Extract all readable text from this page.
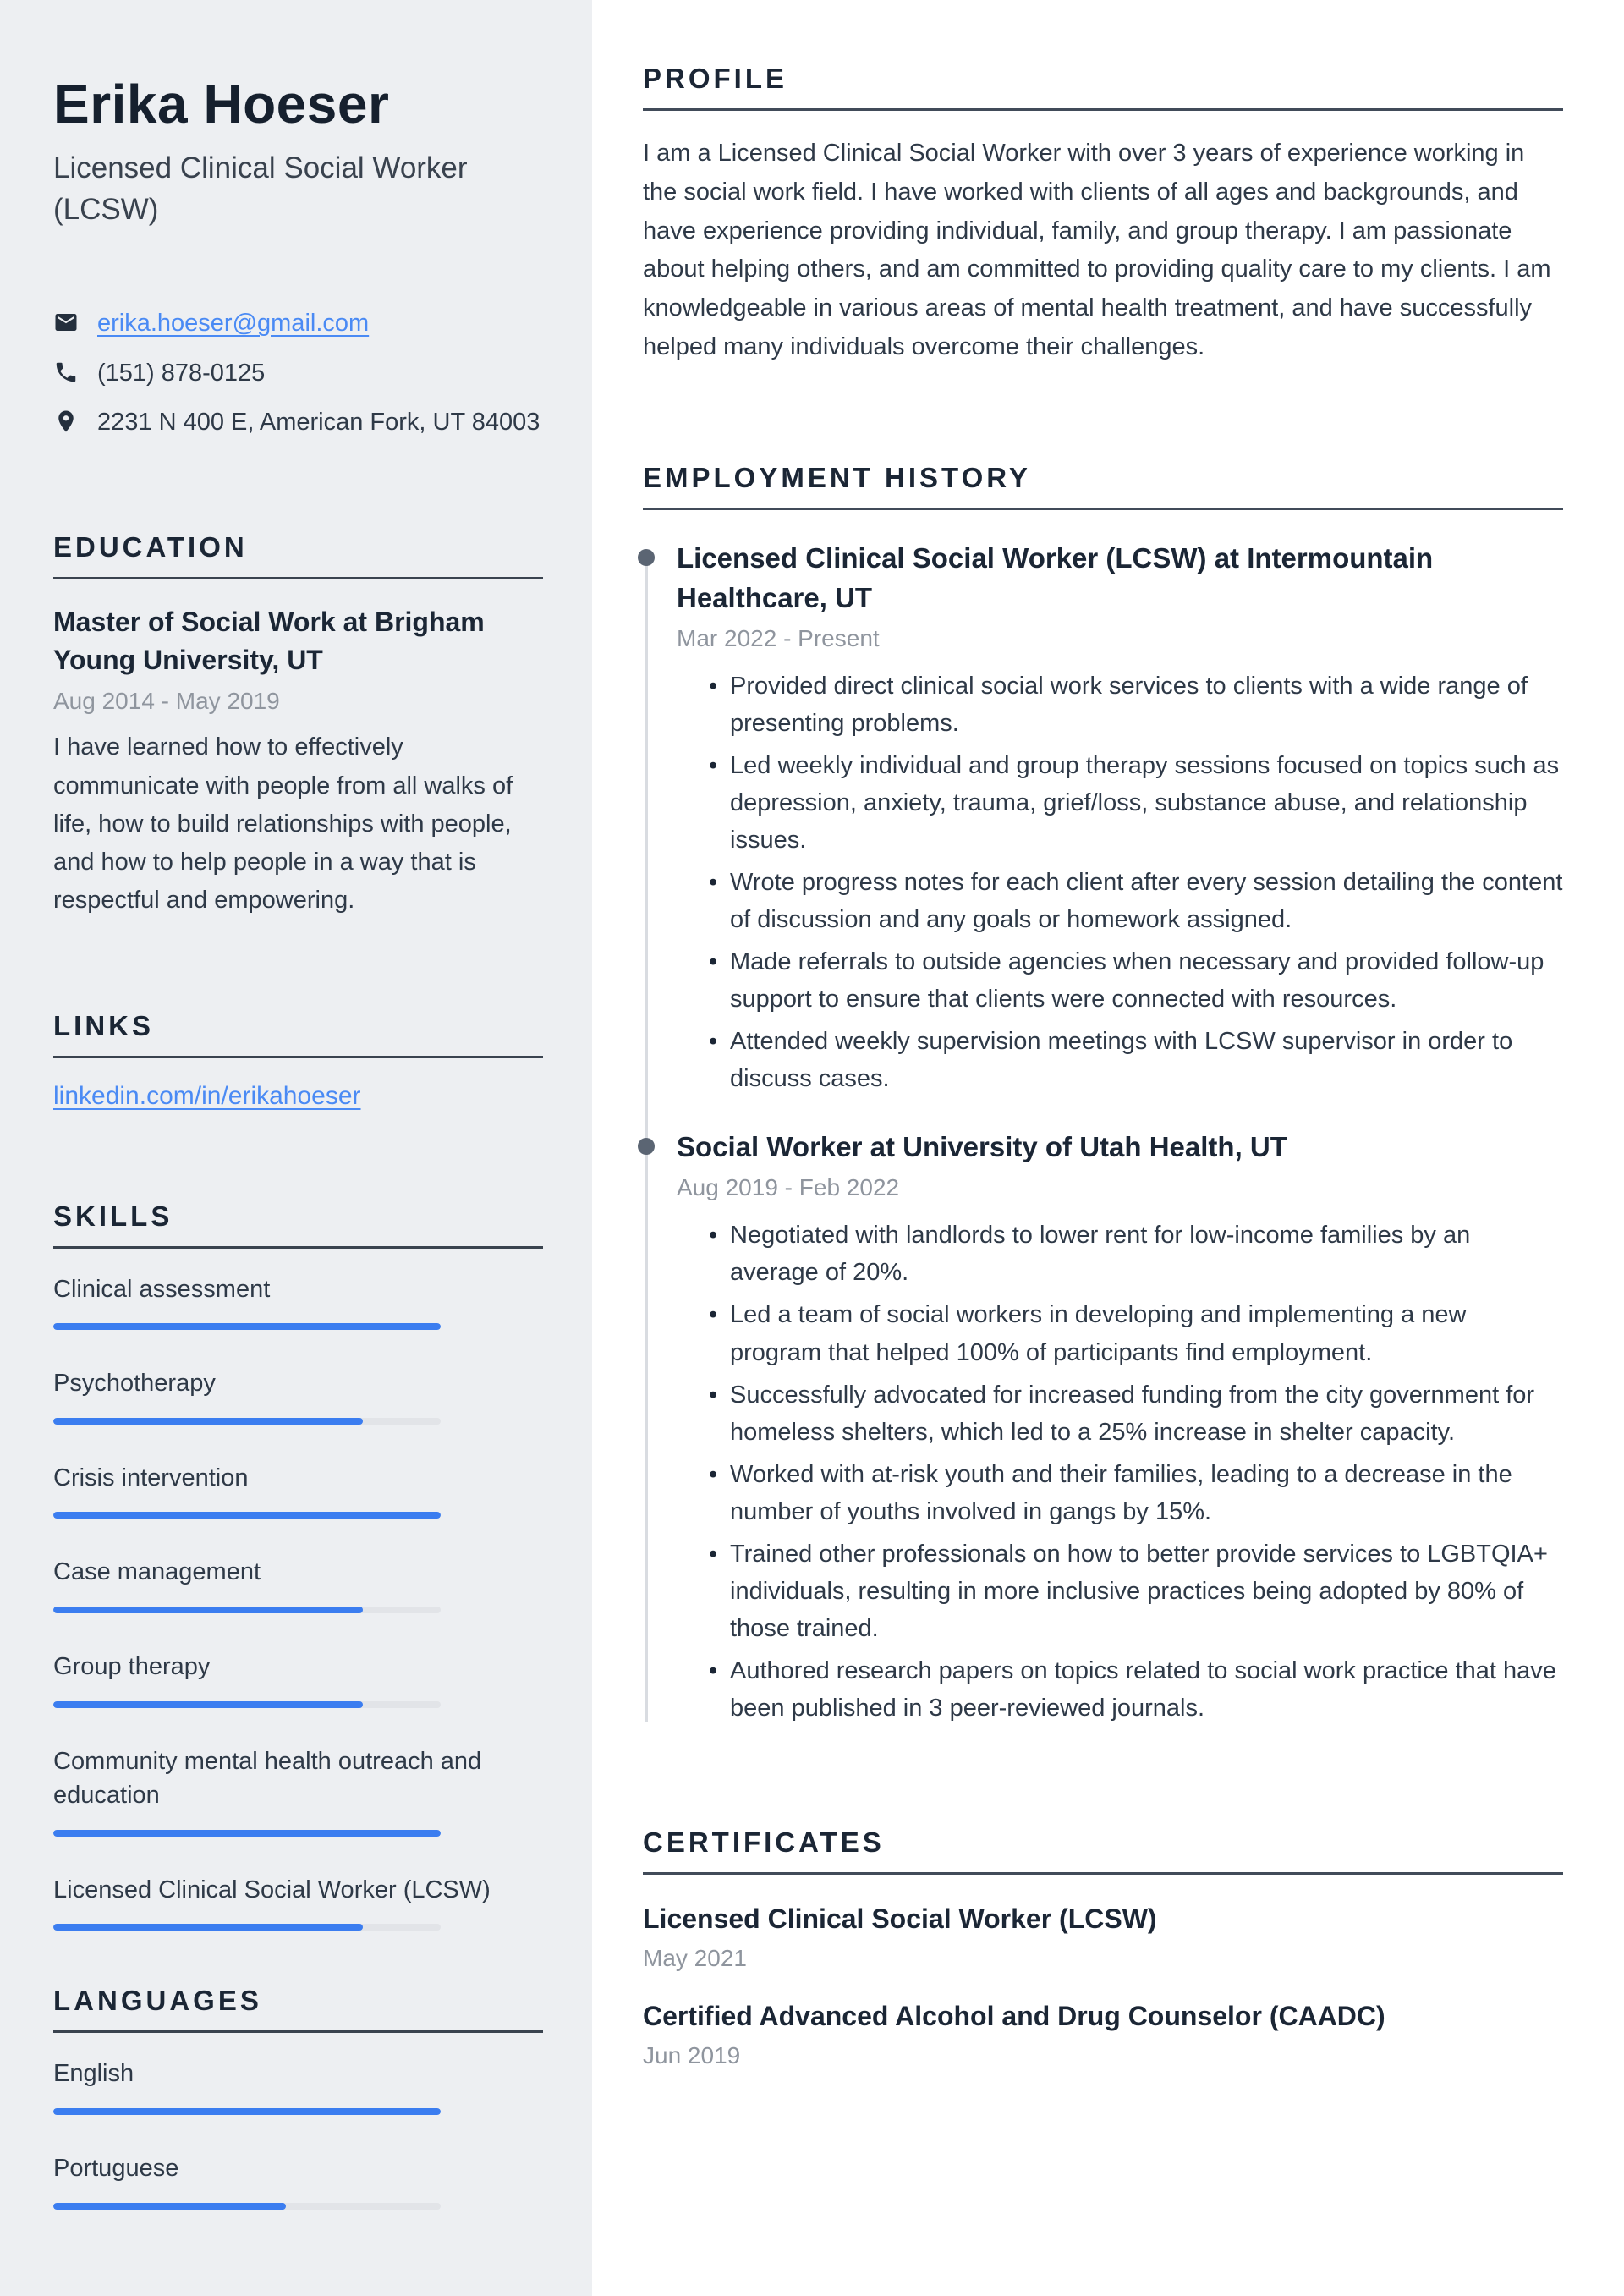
Erika Hoeser
Licensed Clinical Social Worker (LCSW)
erika.hoeser@gmail.com
(151) 878-0125
2231 N 400 E, American Fork, UT 84003
EDUCATION
Master of Social Work at Brigham Young University, UT
Aug 2014 - May 2019
I have learned how to effectively communicate with people from all walks of life, how to build relationships with people, and how to help people in a way that is respectful and empowering.
LINKS
linkedin.com/in/erikahoeser
SKILLS
Clinical assessment
Psychotherapy
Crisis intervention
Case management
Group therapy
Community mental health outreach and education
Licensed Clinical Social Worker (LCSW)
LANGUAGES
English
Portuguese
PROFILE
I am a Licensed Clinical Social Worker with over 3 years of experience working in the social work field. I have worked with clients of all ages and backgrounds, and have experience providing individual, family, and group therapy. I am passionate about helping others, and am committed to providing quality care to my clients. I am knowledgeable in various areas of mental health treatment, and have successfully helped many individuals overcome their challenges.
EMPLOYMENT HISTORY
Licensed Clinical Social Worker (LCSW) at Intermountain Healthcare, UT
Mar 2022 - Present
• Provided direct clinical social work services to clients with a wide range of presenting problems.
• Led weekly individual and group therapy sessions focused on topics such as depression, anxiety, trauma, grief/loss, substance abuse, and relationship issues.
• Wrote progress notes for each client after every session detailing the content of discussion and any goals or homework assigned.
• Made referrals to outside agencies when necessary and provided follow-up support to ensure that clients were connected with resources.
• Attended weekly supervision meetings with LCSW supervisor in order to discuss cases.
Social Worker at University of Utah Health, UT
Aug 2019 - Feb 2022
• Negotiated with landlords to lower rent for low-income families by an average of 20%.
• Led a team of social workers in developing and implementing a new program that helped 100% of participants find employment.
• Successfully advocated for increased funding from the city government for homeless shelters, which led to a 25% increase in shelter capacity.
• Worked with at-risk youth and their families, leading to a decrease in the number of youths involved in gangs by 15%.
• Trained other professionals on how to better provide services to LGBTQIA+ individuals, resulting in more inclusive practices being adopted by 80% of those trained.
• Authored research papers on topics related to social work practice that have been published in 3 peer-reviewed journals.
CERTIFICATES
Licensed Clinical Social Worker (LCSW)
May 2021
Certified Advanced Alcohol and Drug Counselor (CAADC)
Jun 2019
